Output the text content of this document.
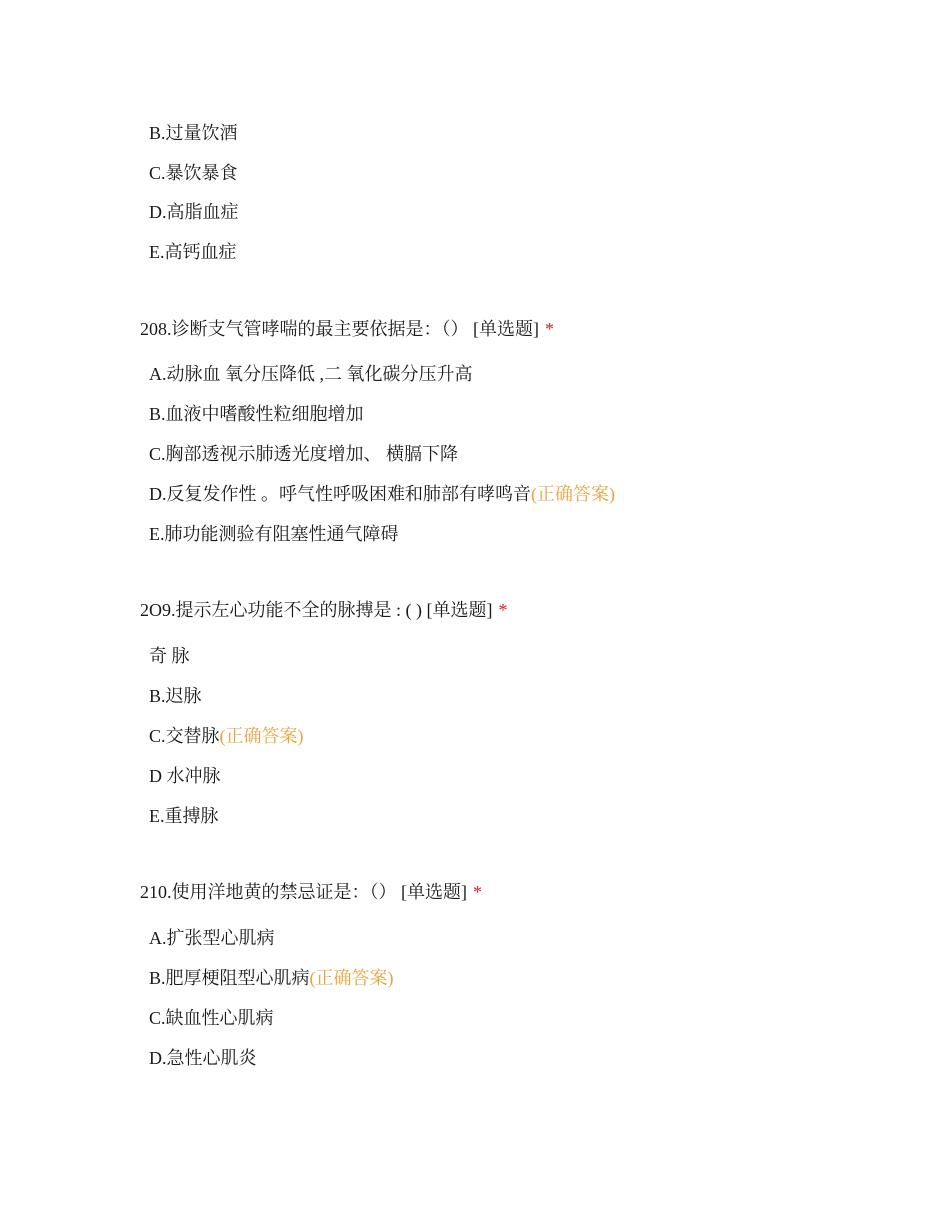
B.过量饮酒
C.暴饮暴食
D.高脂血症
E.高钙血症
208.诊断支气管哮喘的最主要依据是：（） [单选题] *
A.动脉血 氧分压降低 ,二 氧化碳分压升高
B.血液中嗜酸性粒细胞增加
C.胸部透视示肺透光度增加、 横膈下降
D.反复发作性 。呼气性呼吸困难和肺部有哮鸣音(正确答案)
E.肺功能测验有阻塞性通气障碍
2O9.提示左心功能不全的脉搏是 : ( ) [单选题] *
奇 脉
B.迟脉
C.交替脉(正确答案)
D 水冲脉
E.重搏脉
210.使用洋地黄的禁忌证是：（） [单选题] *
A.扩张型心肌病
B.肥厚梗阻型心肌病(正确答案)
C.缺血性心肌病
D.急性心肌炎
